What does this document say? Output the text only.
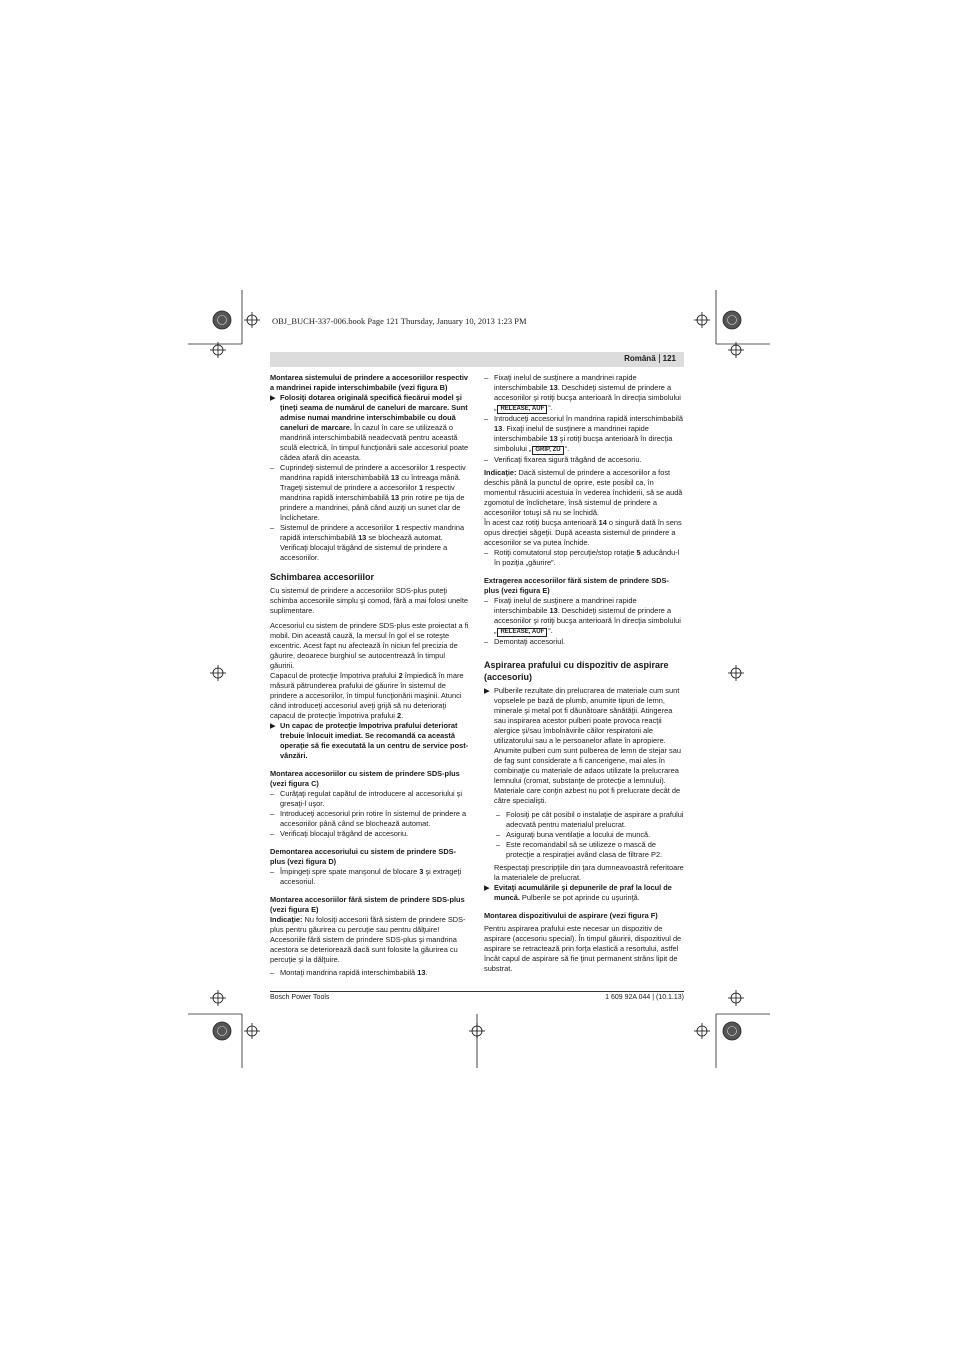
OBJ_BUCH-337-006.book Page 121 Thursday, January 10, 2013 1:23 PM
Română 121
Montarea sistemului de prindere a accesoriilor respectiv a mandrinei rapide interschimbabile (vezi figura B)
▶ Folosiţi dotarea originală specifică fiecărui model şi ţineţi seama de numărul de caneluri de marcare. Sunt admise numai mandrine interschimbabile cu două caneluri de marcare. În cazul în care se utilizează o mandrină interschimbabilă neadecvată pentru această sculă electrică, în timpul funcţionării sale accesoriul poate cădea afară din aceasta.
– Cuprindeţi sistemul de prindere a accesoriilor 1 respectiv mandrina rapidă interschimbabilă 13 cu întreaga mână. Trageţi sistemul de prindere a accesoriilor 1 respectiv mandrina rapidă interschimbabilă 13 prin rotire pe tija de prindere a mandrinei, până când auziţi un sunet clar de înclichetare.
– Sistemul de prindere a accesoriilor 1 respectiv mandrina rapidă interschimbabilă 13 se blochează automat. Verificaţi blocajul trăgând de sistemul de prindere a accesoriilor.
Schimbarea accesoriilor

Cu sistemul de prindere a accesoriilor SDS-plus puteţi schimba accesoriile simplu şi comod, fără a mai folosi unelte suplimentare.

Accesoriul cu sistem de prindere SDS-plus este proiectat a fi mobil. Din această cauză, la mersul în gol el se roteşte excentric. Acest fapt nu afectează în niciun fel precizia de găurire, deoarece burghiul se autocentrează în timpul găuririi.

Capacul de protecţie împotriva prafului 2 împiedică în mare măsură pătrunderea prafului de găurire în sistemul de prindere a accesoriilor, în timpul funcţionării maşinii. Atunci când introduceţi accesoriul aveţi grijă să nu deterioraţi capacul de protecţie împotriva prafului 2.

▶ Un capac de protecţie împotriva prafului deteriorat trebuie înlocuit imediat. Se recomandă ca această operaţie să fie executată la un centru de service post-vânzări.
Montarea accesoriilor cu sistem de prindere SDS-plus (vezi figura C)
– Curăţaţi regulat capătul de introducere al accesoriului şi gresaţi-l uşor.
– Introduceţi accesoriul prin rotire în sistemul de prindere a accesoriilor până când se blochează automat.
– Verificaţi blocajul trăgând de accesoriu.
Demontarea accesoriului cu sistem de prindere SDS-plus (vezi figura D)
– Împingeţi spre spate manşonul de blocare 3 şi extrageţi accesoriul.
Montarea accesoriilor fără sistem de prindere SDS-plus (vezi figura E)

Indicaţie: Nu folosiţi accesorii fără sistem de prindere SDS-plus pentru găurirea cu percuţie sau pentru dălţuire! Accesoriile fără sistem de prindere SDS-plus şi mandrina acestora se deteriorează dacă sunt folosite la găurirea cu percuţie şi la dălţuire.

– Montaţi mandrina rapidă interschimbabilă 13.
– Fixaţi inelul de susţinere a mandrinei rapide interschimbabile 13. Deschideţi sistemul de prindere a accesoriilor şi rotiţi bucşa anterioară în direcţia simbolului
„ RELEASE, AUF “.
– Introduceţi accesoriul în mandrina rapidă interschimbabilă 13. Fixaţi inelul de susţinere a mandrinei rapide interschimbabile 13 şi rotiţi bucşa anterioară în direcţia simbolului „ GRIP, ZU “.
– Verificaţi fixarea sigură trăgând de accesoriu.

Indicaţie: Dacă sistemul de prindere a accesoriilor a fost deschis până la punctul de oprire, este posibil ca, în momentul răsucirii acestuia în vederea închiderii, să se audă zgomotul de înclichetare, însă sistemul de prindere a accesoriilor totuşi să nu se închidă.

În acest caz rotiţi bucşa anterioară 14 o singură dată în sens opus direcţiei săgeţii. După aceasta sistemul de prindere a accesoriilor se va putea închide.

– Rotiţi comutatorul stop percuţie/stop rotaţie 5 aducându-l în poziţia „găurire”.
Extragerea accesoriilor fără sistem de prindere SDS-plus (vezi figura E)
– Fixaţi inelul de susţinere a mandrinei rapide interschimbabile 13. Deschideţi sistemul de prindere a accesoriilor şi rotiţi bucşa anterioară în direcţia simbolului
„ RELEASE, AUF “.
– Demontaţi accesoriul.
Aspirarea prafului cu dispozitiv de aspirare (accesoriu)
▶ Pulberile rezultate din prelucrarea de materiale cum sunt vopselele pe bază de plumb, anumite tipuri de lemn, minerale şi metal pot fi dăunătoare sănătăţii. Atingerea sau inspirarea acestor pulberi poate provoca reacţii alergice şi/sau îmbolnăvirile căilor respiratorii ale utilizatorului sau a le persoanelor aflate în apropiere.

Anumite pulberi cum sunt pulberea de lemn de stejar sau de fag sunt considerate a fi cancerigene, mai ales în combinaţie cu materiale de adaos utilizate la prelucrarea lemnului (cromat, substanţe de protecţie a lemnului). Materiale care conţin azbest nu pot fi prelucrate decât de către specialişti.

– Folosiţi pe cât posibil o instalaţie de aspirare a prafului adecvată pentru materialul prelucrat.
– Asiguraţi buna ventilaţie a locului de muncă.
– Este recomandabil să se utilizeze o mască de protecţie a respiraţiei având clasa de filtrare P2.

Respectaţi prescripţiile din ţara dumneavoastră referitoare la materialele de prelucrat.

▶ Evitaţi acumulările şi depunerile de praf la locul de muncă. Pulberile se pot aprinde cu uşurinţă.
Montarea dispozitivului de aspirare (vezi figura F)

Pentru aspirarea prafului este necesar un dispozitiv de aspirare (accesoriu special). În timpul găuririi, dispozitivul de aspirare se retractează prin forţa elastică a resortului, astfel încât capul de aspirare să fie ţinut permanent strâns lipit de substrat.

Bosch Power Tools	1 609 92A 044 | (10.1.13)
